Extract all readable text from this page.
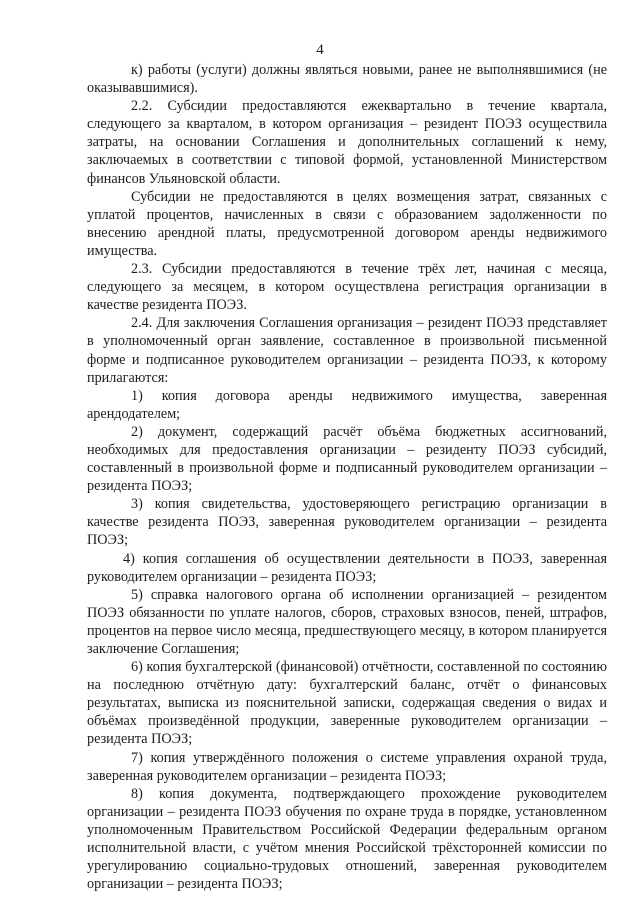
4

к) работы (услуги) должны являться новыми, ранее не выполнявшимися (не оказывавшимися).

2.2. Субсидии предоставляются ежеквартально в течение квартала, следующего за кварталом, в котором организация – резидент ПОЭЗ осуществила затраты, на основании Соглашения и дополнительных соглашений к нему, заключаемых в соответствии с типовой формой, установленной Министерством финансов Ульяновской области.

Субсидии не предоставляются в целях возмещения затрат, связанных с уплатой процентов, начисленных в связи с образованием задолженности по внесению арендной платы, предусмотренной договором аренды недвижимого имущества.

2.3. Субсидии предоставляются в течение трёх лет, начиная с месяца, следующего за месяцем, в котором осуществлена регистрация организации в качестве резидента ПОЭЗ.

2.4. Для заключения Соглашения организация – резидент ПОЭЗ представляет в уполномоченный орган заявление, составленное в произвольной письменной форме и подписанное руководителем организации – резидента ПОЭЗ, к которому прилагаются:

1) копия договора аренды недвижимого имущества, заверенная арендодателем;

2) документ, содержащий расчёт объёма бюджетных ассигнований, необходимых для предоставления организации – резиденту ПОЭЗ субсидий, составленный в произвольной форме и подписанный руководителем организации – резидента ПОЭЗ;

3) копия свидетельства, удостоверяющего регистрацию организации в качестве резидента ПОЭЗ, заверенная руководителем организации – резидента ПОЭЗ;

4) копия соглашения об осуществлении деятельности в ПОЭЗ, заверенная руководителем организации – резидента ПОЭЗ;

5) справка налогового органа об исполнении организацией – резидентом ПОЭЗ обязанности по уплате налогов, сборов, страховых взносов, пеней, штрафов, процентов на первое число месяца, предшествующего месяцу, в котором планируется заключение Соглашения;

6) копия бухгалтерской (финансовой) отчётности, составленной по состоянию на последнюю отчётную дату: бухгалтерский баланс, отчёт о финансовых результатах, выписка из пояснительной записки, содержащая сведения о видах и объёмах произведённой продукции, заверенные руководителем организации – резидента ПОЭЗ;

7) копия утверждённого положения о системе управления охраной труда, заверенная руководителем организации – резидента ПОЭЗ;

8) копия документа, подтверждающего прохождение руководителем организации – резидента ПОЭЗ обучения по охране труда в порядке, установленном уполномоченным Правительством Российской Федерации федеральным органом исполнительной власти, с учётом мнения Российской трёхсторонней комиссии по урегулированию социально-трудовых отношений, заверенная руководителем организации – резидента ПОЭЗ;
